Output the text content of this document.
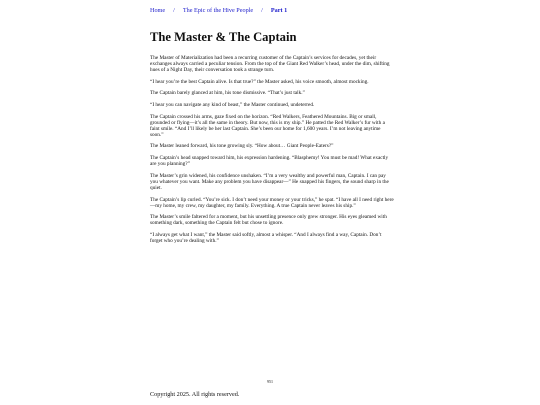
Home / The Epic of the Hive People / Part 1
The Master & The Captain

The Master of Materialization had been a recurring customer of the Captain’s services for decades, yet their exchanges always carried a peculiar tension. From the top of the Giant Red Walker’s head, under the dim, shifting hues of a Night Day, their conversation took a strange turn.

“I hear you’re the best Captain alive. Is that true?” the Master asked, his voice smooth, almost mocking.

The Captain barely glanced at him, his tone dismissive. “That’s just talk.”

“I hear you can navigate any kind of beast,” the Master continued, undeterred.

The Captain crossed his arms, gaze fixed on the horizon. “Red Walkers, Feathered Mountains. Big or small, grounded or flying—it’s all the same in theory. But now, this is my ship.” He patted the Red Walker’s fur with a faint smile. “And I’ll likely be her last Captain. She’s been our home for 1,600 years. I’m not leaving anytime soon.”

The Master leaned forward, his tone growing sly. “How about… Giant People-Eaters?”

The Captain’s head snapped toward him, his expression hardening. “Blasphemy! You must be mad! What exactly are you planning?”

The Master’s grin widened, his confidence unshaken. “I’m a very wealthy and powerful man, Captain. I can pay you whatever you want. Make any problem you have disappear—” He snapped his fingers, the sound sharp in the quiet.

The Captain’s lip curled. “You’re sick. I don’t need your money or your tricks,” he spat. “I have all I need right here—my home, my crew, my daughter, my family. Everything. A true Captain never leaves his ship.”

The Master’s smile faltered for a moment, but his unsettling presence only grew stronger. His eyes gleamed with something dark, something the Captain felt but chose to ignore.

“I always get what I want,” the Master said softly, almost a whisper. “And I always find a way, Captain. Don’t forget who you’re dealing with.”

951
Copyright 2025. All rights reserved.
